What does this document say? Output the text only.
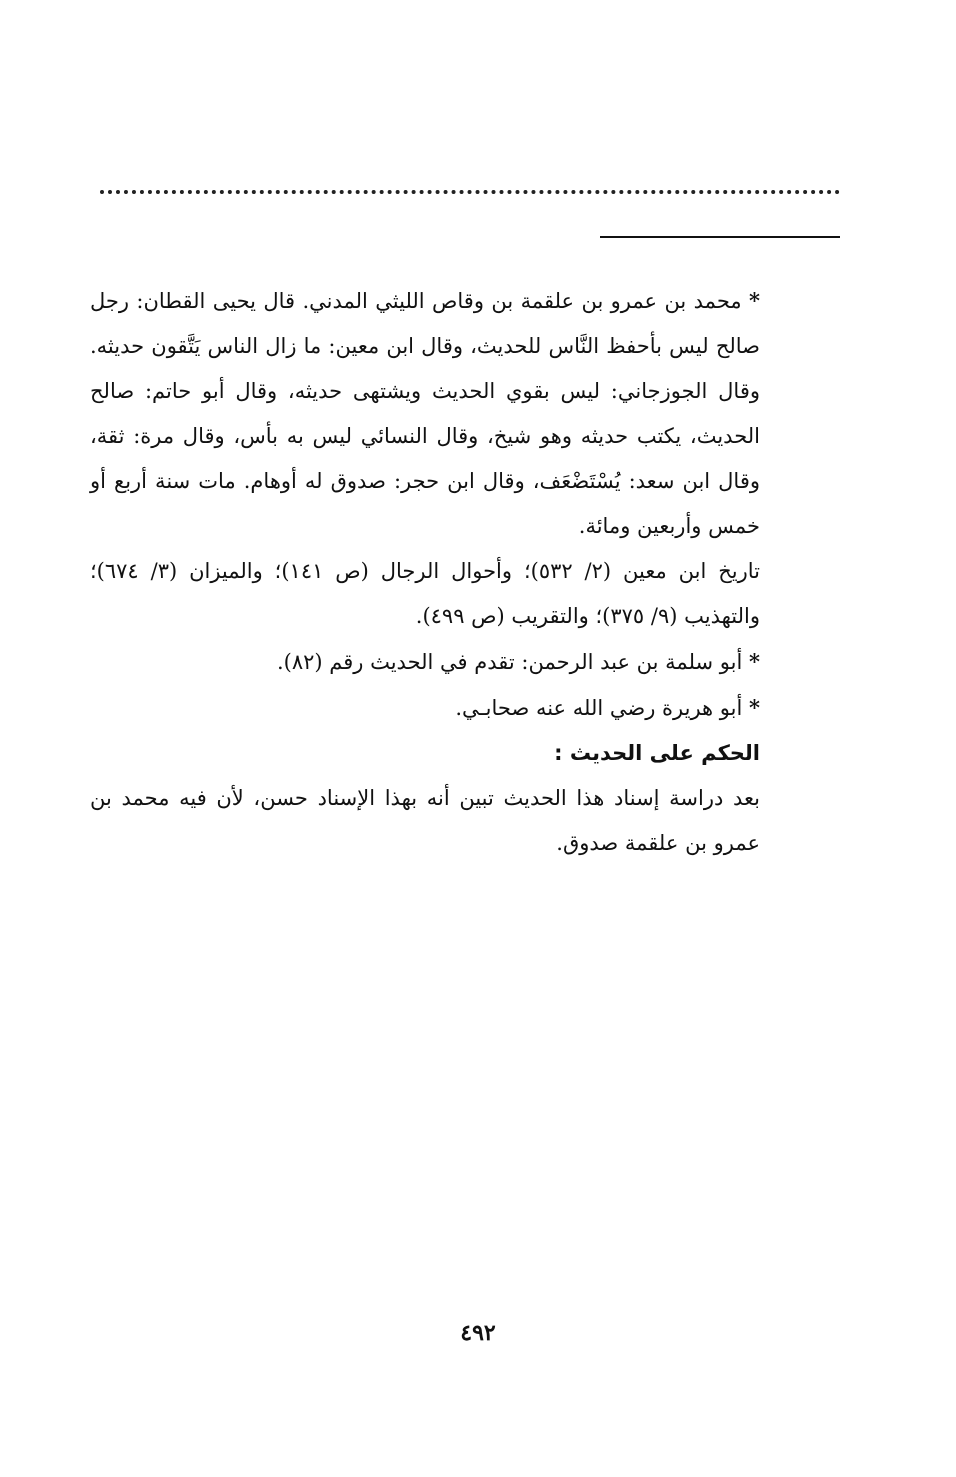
* محمد بن عمرو بن علقمة بن وقاص الليثي المدني. قال يحيى القطان: رجل صالح ليس بأحفظ النَّاس للحديث، وقال ابن معين: ما زال الناس يَتَّقون حديثه. وقال الجوزجاني: ليس بقوي الحديث ويشتهى حديثه، وقال أبو حاتم: صالح الحديث، يكتب حديثه وهو شيخ، وقال النسائي ليس به بأس، وقال مرة: ثقة، وقال ابن سعد: يُسْتَضْعَف، وقال ابن حجر: صدوق له أوهام. مات سنة أربع أو خمس وأربعين ومائة.

تاريخ ابن معين (٢/ ٥٣٢)؛ وأحوال الرجال (ص ١٤١)؛ والميزان (٣/ ٦٧٤)؛ والتهذيب (٩/ ٣٧٥)؛ والتقريب (ص ٤٩٩).

* أبو سلمة بن عبد الرحمن: تقدم في الحديث رقم (٨٢).

* أبو هريرة رضي الله عنه صحابـي.

الحكم على الحديث :

بعد دراسة إسناد هذا الحديث تبين أنه بهذا الإسناد حسن، لأن فيه محمد بن عمرو بن علقمة صدوق.

٤٩٢
